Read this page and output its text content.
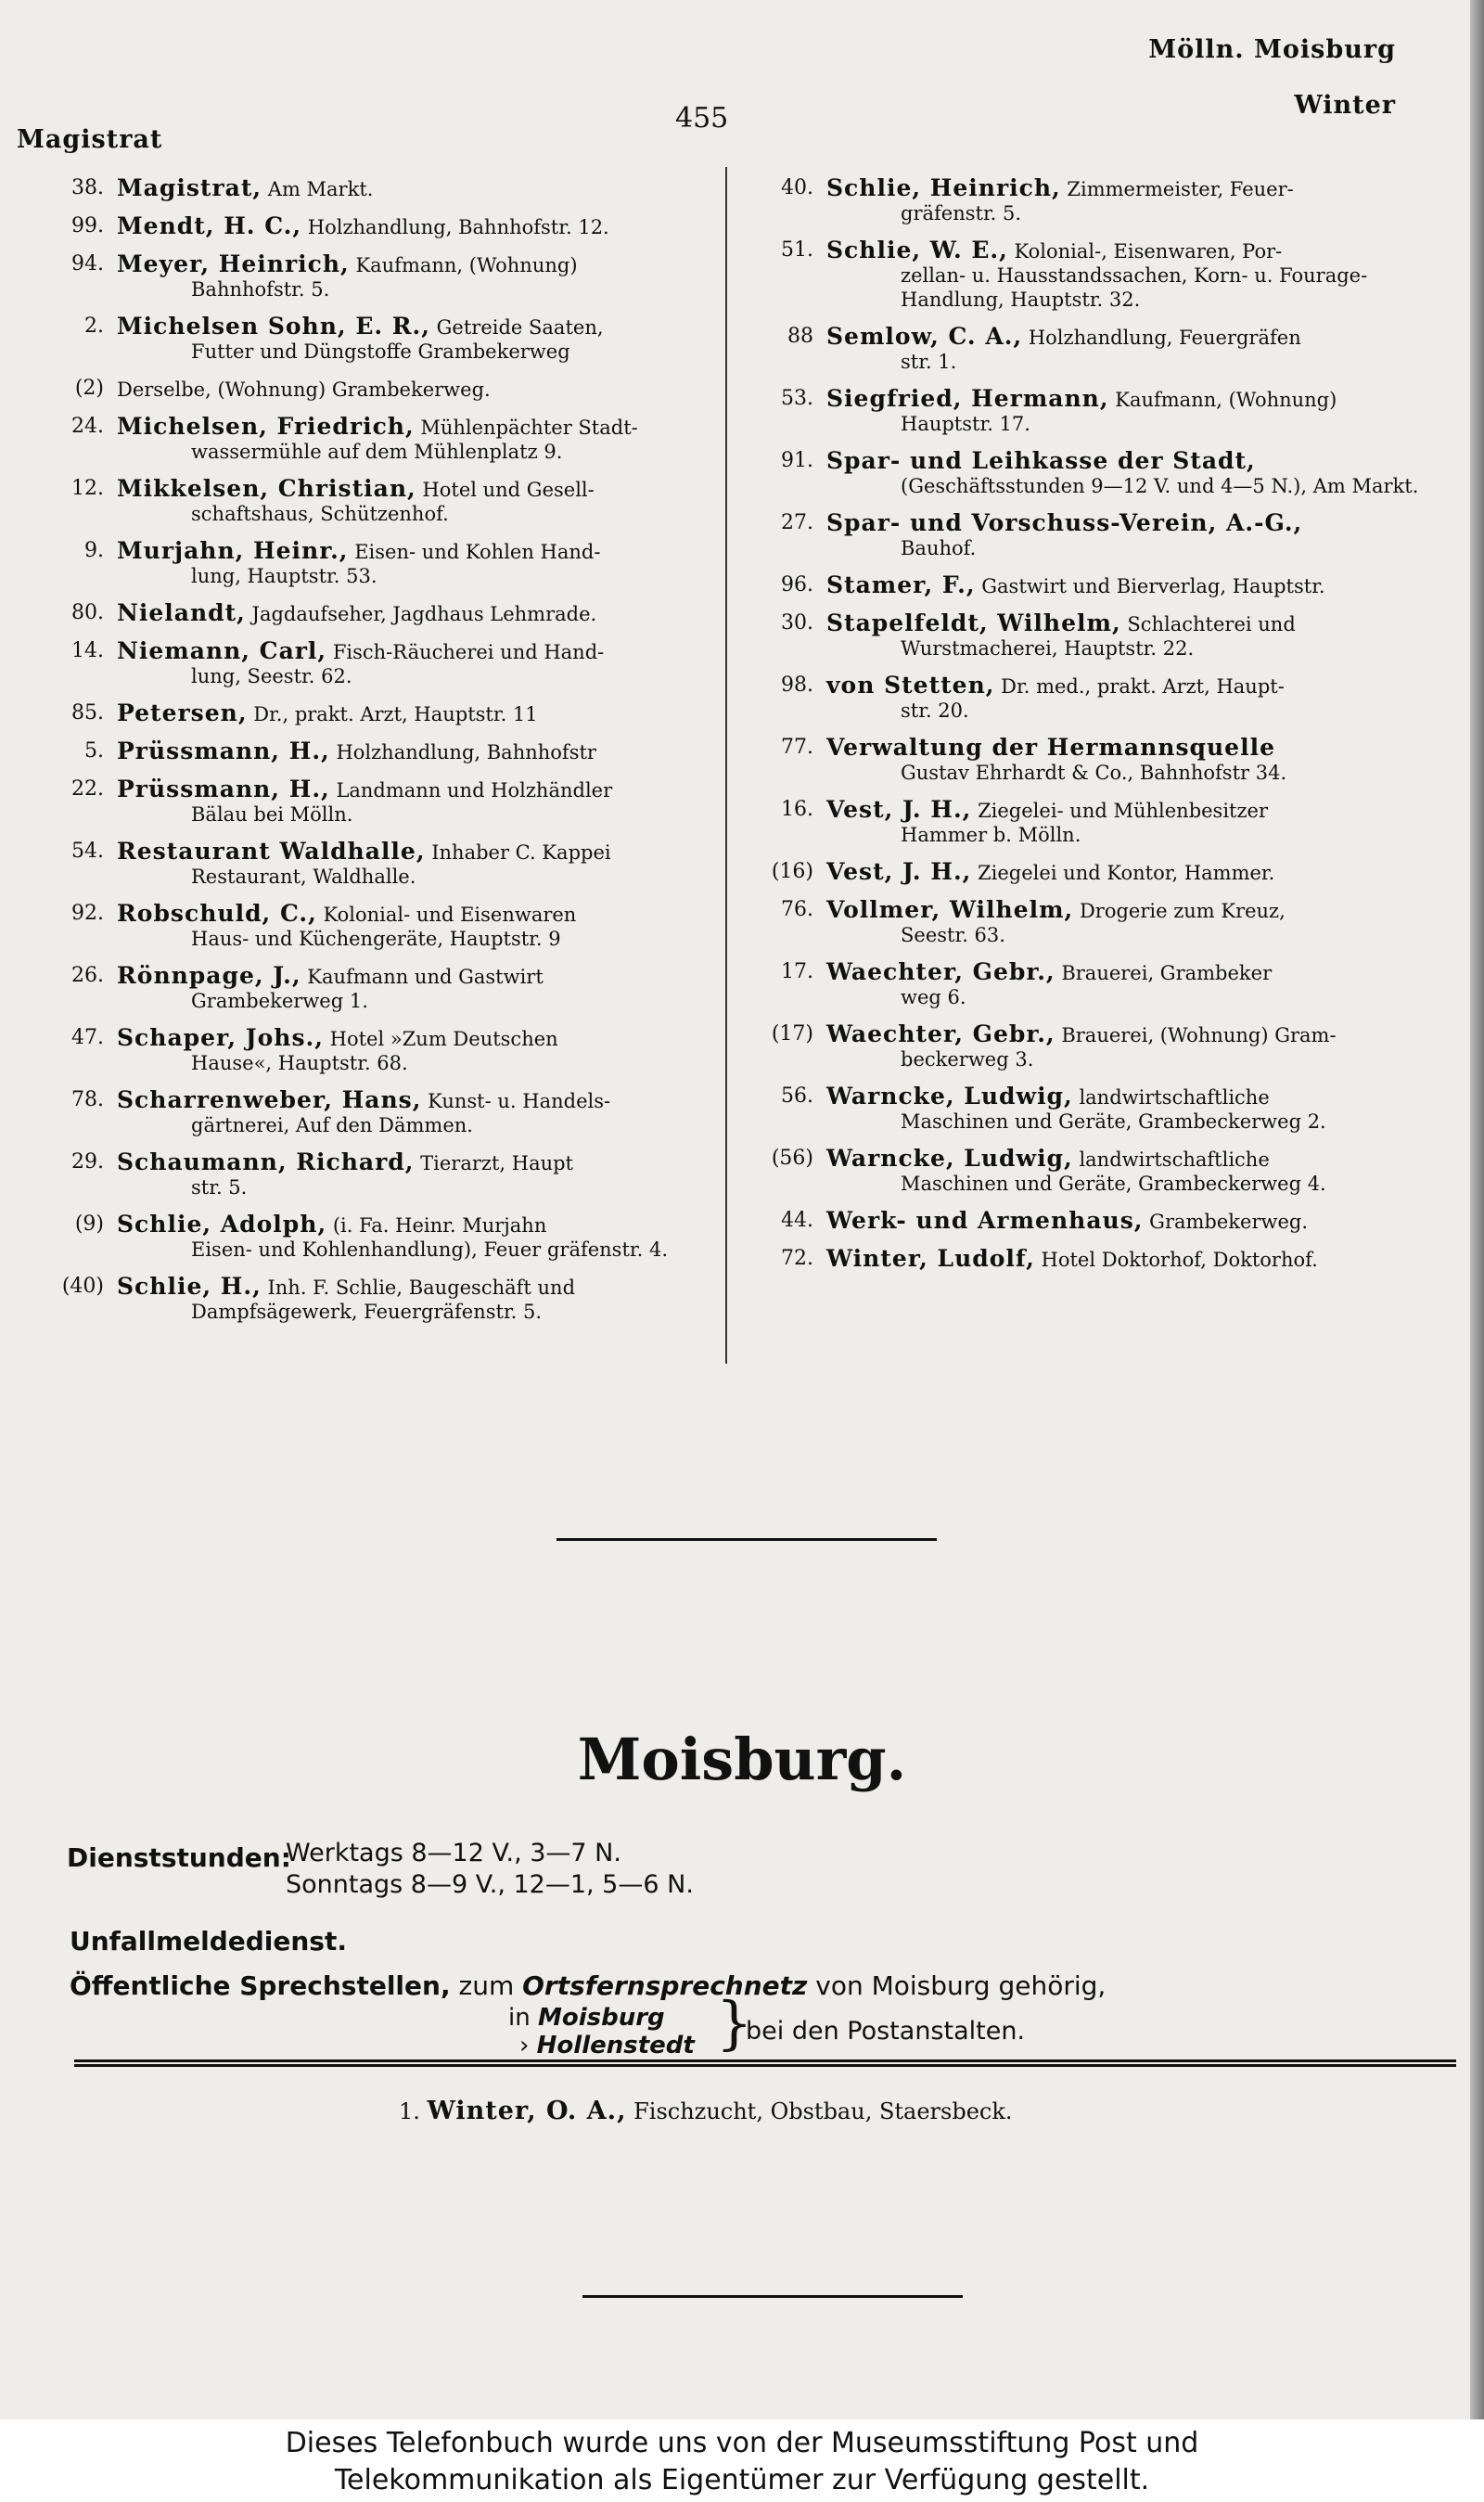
Mölln. Moisburg
Winter
455
Magistrat
38. Magistrat, Am Markt.
99. Mendt, H. C., Holzhandlung, Bahnhofstr. 12.
94. Meyer, Heinrich, Kaufmann, (Wohnung)
Bahnhofstr. 5.
2. Michelsen Sohn, E. R., Getreide Saaten,
Futter und Düngstoffe Grambekerweg
(2) Derselbe, (Wohnung) Grambekerweg.
24. Michelsen, Friedrich, Mühlenpächter Stadt-
wassermühle auf dem Mühlenplatz 9.
12. Mikkelsen, Christian, Hotel und Gesell-
schaftshaus, Schützenhof.
9. Murjahn, Heinr., Eisen- und Kohlen Hand-
lung, Hauptstr. 53.
80. Nielandt, Jagdaufseher, Jagdhaus Lehmrade.
14. Niemann, Carl, Fisch-Räucherei und Hand-
lung, Seestr. 62.
85. Petersen, Dr., prakt. Arzt, Hauptstr. 11
5. Prüssmann, H., Holzhandlung, Bahnhofstr
22. Prüssmann, H., Landmann und Holzhändler
Bälau bei Mölln.
54. Restaurant Waldhalle, Inhaber C. Kappei
Restaurant, Waldhalle.
92. Robschuld, C., Kolonial- und Eisenwaren
Haus- und Küchengeräte, Hauptstr. 9
26. Rönnpage, J., Kaufmann und Gastwirt
Grambekerweg 1.
47. Schaper, Johs., Hotel »Zum Deutschen
Hause«, Hauptstr. 68.
78. Scharrenweber, Hans, Kunst- u. Handels-
gärtnerei, Auf den Dämmen.
29. Schaumann, Richard, Tierarzt, Haupt
str. 5.
(9) Schlie, Adolph, (i. Fa. Heinr. Murjahn
Eisen- und Kohlenhandlung), Feuer gräfenstr. 4.
(40) Schlie, H., Inh. F. Schlie, Baugeschäft und
Dampfsägewerk, Feuergräfenstr. 5.
40. Schlie, Heinrich, Zimmermeister, Feuer-
gräfenstr. 5.
51. Schlie, W. E., Kolonial-, Eisenwaren, Por-
zellan- u. Hausstandssachen, Korn- u. Fourage-Handlung, Hauptstr. 32.
88 Semlow, C. A., Holzhandlung, Feuergräfen
str. 1.
53. Siegfried, Hermann, Kaufmann, (Wohnung)
Hauptstr. 17.
91. Spar- und Leihkasse der Stadt,
(Geschäftsstunden 9—12 V. und 4—5 N.), Am Markt.
27. Spar- und Vorschuss-Verein, A.-G.,
Bauhof.
96. Stamer, F., Gastwirt und Bierverlag, Hauptstr.
30. Stapelfeldt, Wilhelm, Schlachterei und
Wurstmacherei, Hauptstr. 22.
98. von Stetten, Dr. med., prakt. Arzt, Haupt-
str. 20.
77. Verwaltung der Hermannsquelle
Gustav Ehrhardt & Co., Bahnhofstr 34.
16. Vest, J. H., Ziegelei- und Mühlenbesitzer
Hammer b. Mölln.
(16) Vest, J. H., Ziegelei und Kontor, Hammer.
76. Vollmer, Wilhelm, Drogerie zum Kreuz,
Seestr. 63.
17. Waechter, Gebr., Brauerei, Grambeker
weg 6.
(17) Waechter, Gebr., Brauerei, (Wohnung) Gram-
beckerweg 3.
56. Warncke, Ludwig, landwirtschaftliche
Maschinen und Geräte, Grambeckerweg 2.
(56) Warncke, Ludwig, landwirtschaftliche
Maschinen und Geräte, Grambeckerweg 4.
44. Werk- und Armenhaus, Grambekerweg.
72. Winter, Ludolf, Hotel Doktorhof, Doktorhof.
Moisburg.
Dienststunden:
Werktags 8—12 V., 3—7 N.
Sonntags 8—9 V., 12—1, 5—6 N.
Unfallmeldedienst.
Öffentliche Sprechstellen, zum Ortsfernsprechnetz von Moisburg gehörig,
in Moisburg
› Hollenstedt }
bei den Postanstalten.
1. Winter, O. A., Fischzucht, Obstbau, Staersbeck.
Dieses Telefonbuch wurde uns von der Museumsstiftung Post und
Telekommunikation als Eigentümer zur Verfügung gestellt.
